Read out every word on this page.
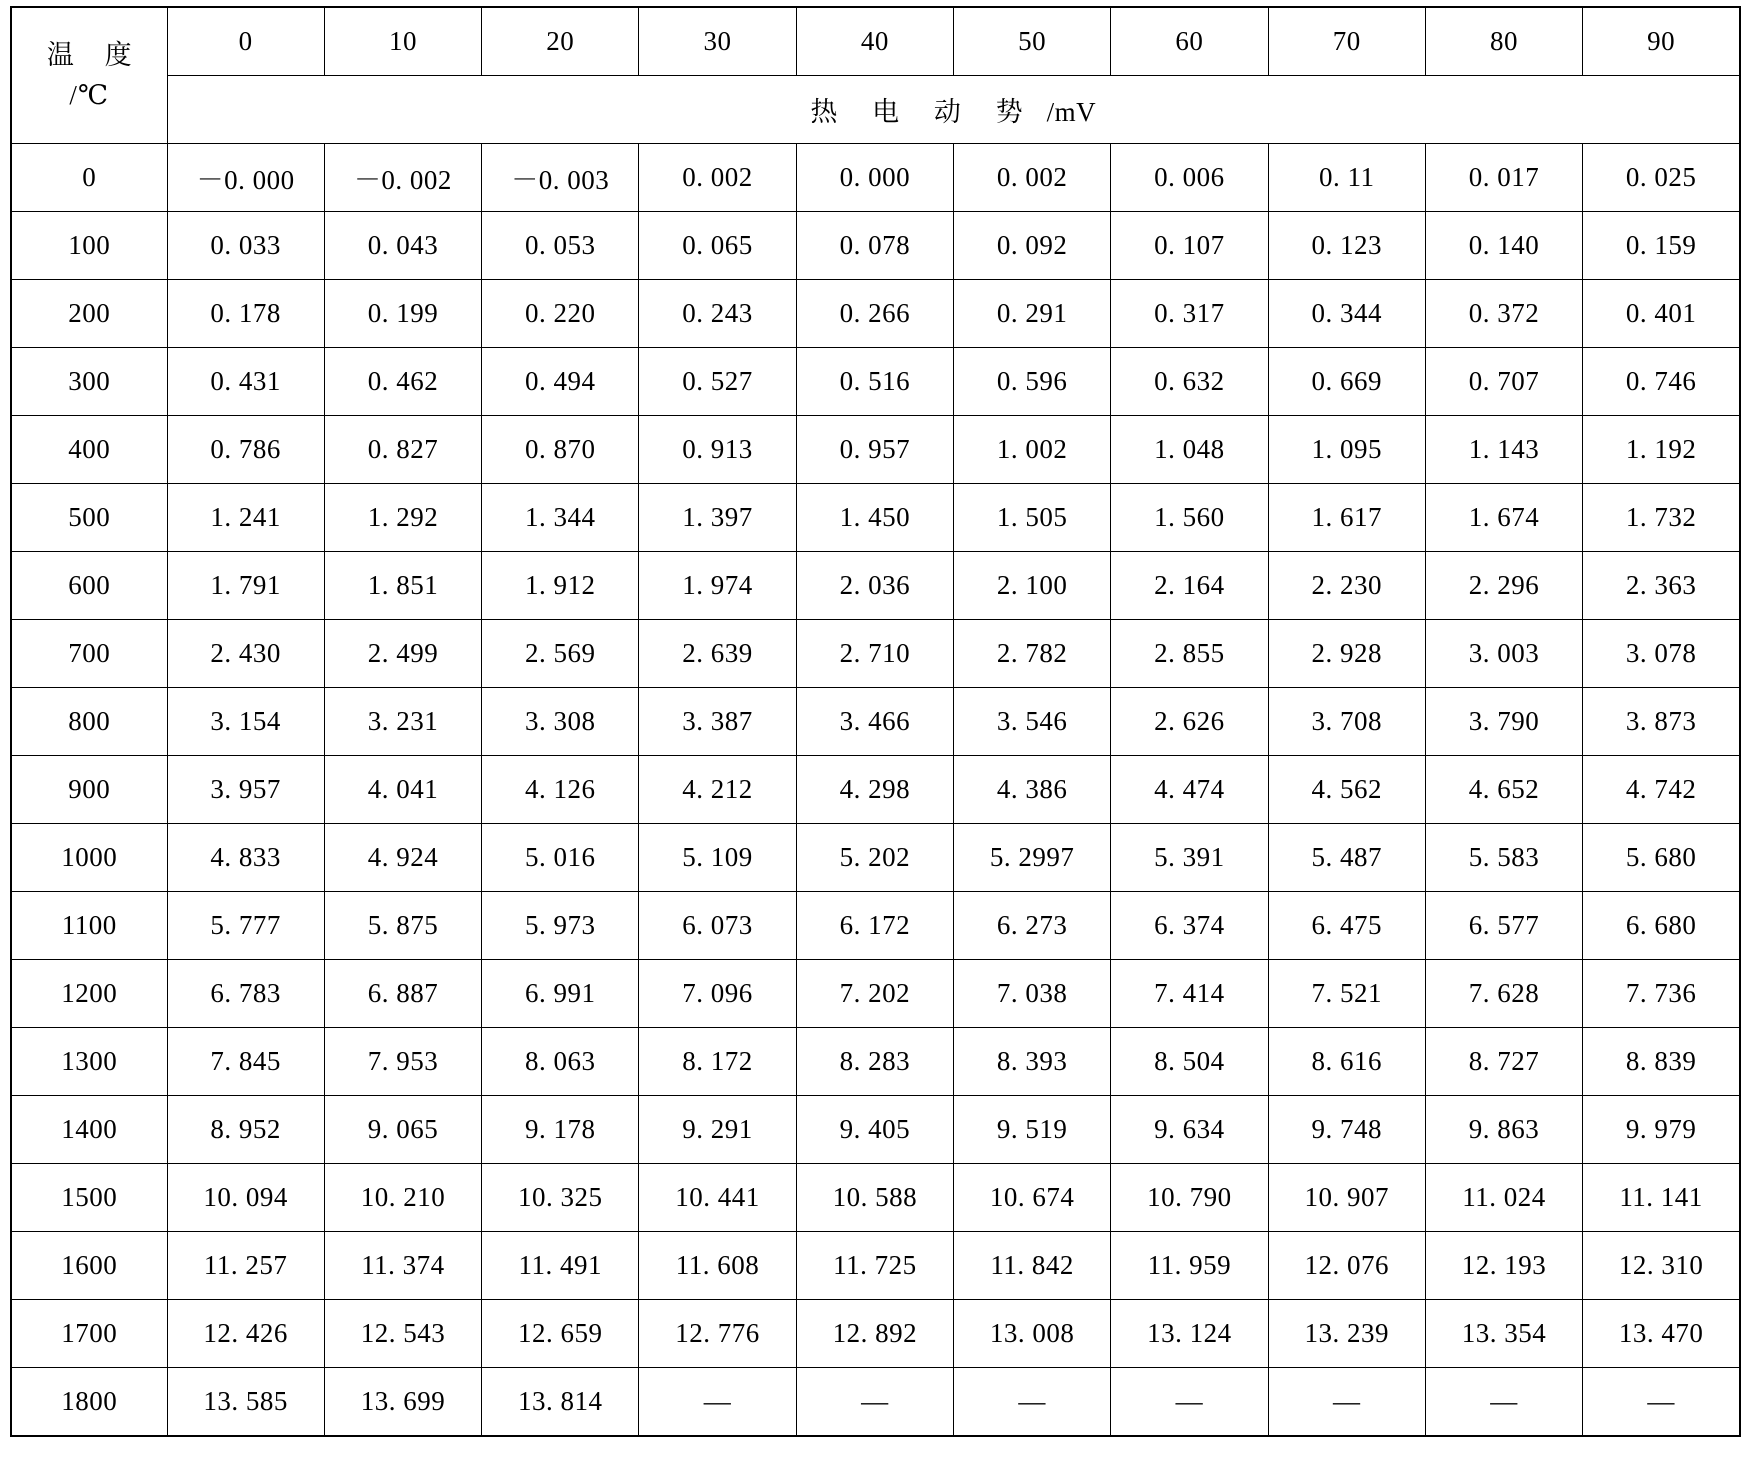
温 度
/℃	0	10	20	30	40	50	60	70	80	90
	热 电 动 势 /mV									
0	－0. 000	－0. 002	－0. 003	0. 002	0. 000	0. 002	0. 006	0. 11	0. 017	0. 025
100	0. 033	0. 043	0. 053	0. 065	0. 078	0. 092	0. 107	0. 123	0. 140	0. 159
200	0. 178	0. 199	0. 220	0. 243	0. 266	0. 291	0. 317	0. 344	0. 372	0. 401
300	0. 431	0. 462	0. 494	0. 527	0. 516	0. 596	0. 632	0. 669	0. 707	0. 746
400	0. 786	0. 827	0. 870	0. 913	0. 957	1. 002	1. 048	1. 095	1. 143	1. 192
500	1. 241	1. 292	1. 344	1. 397	1. 450	1. 505	1. 560	1. 617	1. 674	1. 732
600	1. 791	1. 851	1. 912	1. 974	2. 036	2. 100	2. 164	2. 230	2. 296	2. 363
700	2. 430	2. 499	2. 569	2. 639	2. 710	2. 782	2. 855	2. 928	3. 003	3. 078
800	3. 154	3. 231	3. 308	3. 387	3. 466	3. 546	2. 626	3. 708	3. 790	3. 873
900	3. 957	4. 041	4. 126	4. 212	4. 298	4. 386	4. 474	4. 562	4. 652	4. 742
1000	4. 833	4. 924	5. 016	5. 109	5. 202	5. 2997	5. 391	5. 487	5. 583	5. 680
1100	5. 777	5. 875	5. 973	6. 073	6. 172	6. 273	6. 374	6. 475	6. 577	6. 680
1200	6. 783	6. 887	6. 991	7. 096	7. 202	7. 038	7. 414	7. 521	7. 628	7. 736
1300	7. 845	7. 953	8. 063	8. 172	8. 283	8. 393	8. 504	8. 616	8. 727	8. 839
1400	8. 952	9. 065	9. 178	9. 291	9. 405	9. 519	9. 634	9. 748	9. 863	9. 979
1500	10. 094	10. 210	10. 325	10. 441	10. 588	10. 674	10. 790	10. 907	11. 024	11. 141
1600	11. 257	11. 374	11. 491	11. 608	11. 725	11. 842	11. 959	12. 076	12. 193	12. 310
1700	12. 426	12. 543	12. 659	12. 776	12. 892	13. 008	13. 124	13. 239	13. 354	13. 470
1800	13. 585	13. 699	13. 814	—	—	—	—	—	—	—
